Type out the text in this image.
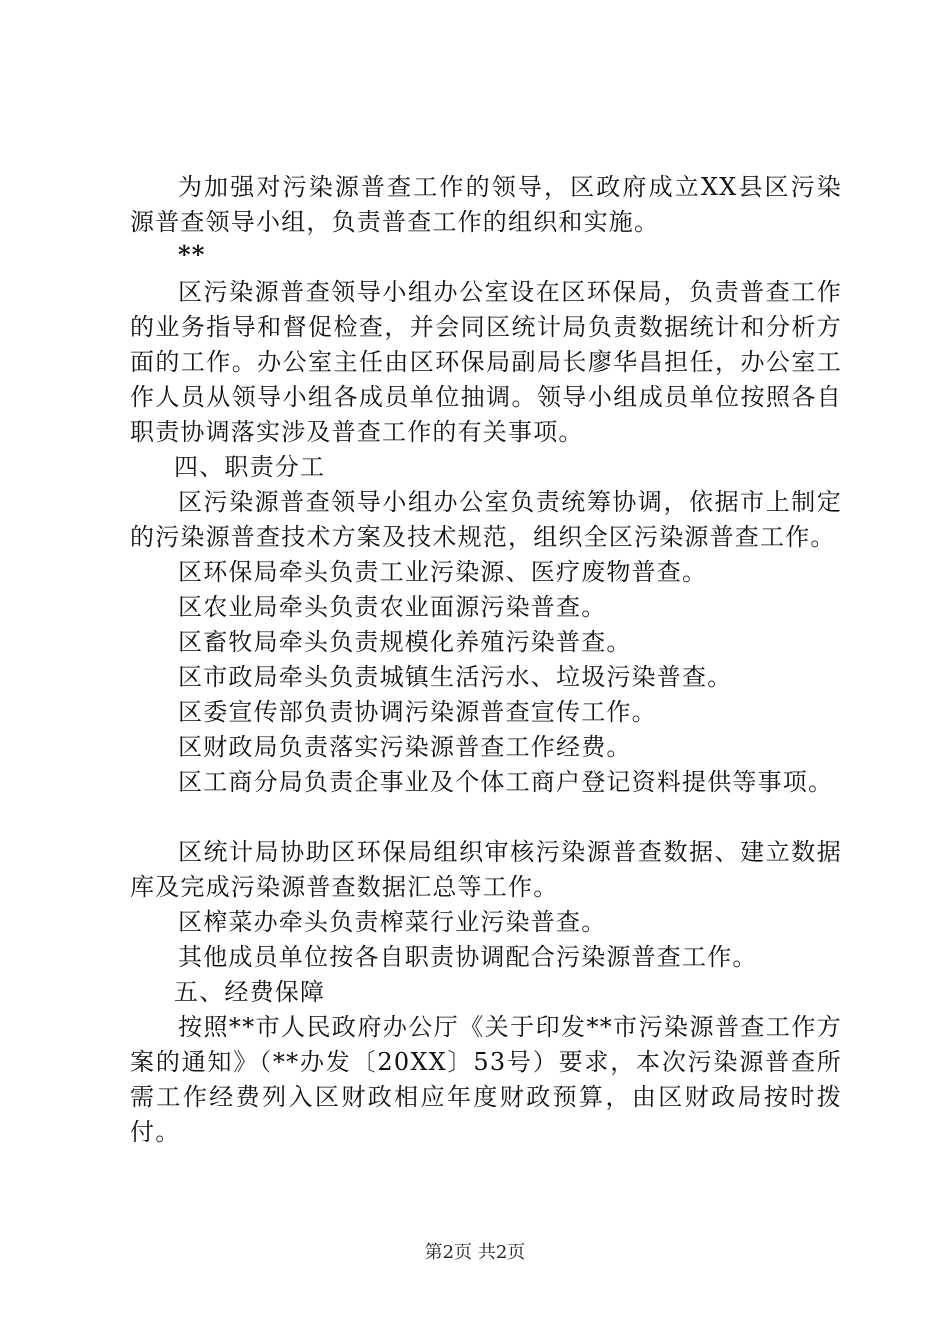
为加强对污染源普查工作的领导，区政府成立XX县区污染源普查领导小组，负责普查工作的组织和实施。

**

区污染源普查领导小组办公室设在区环保局，负责普查工作的业务指导和督促检查，并会同区统计局负责数据统计和分析方面的工作。办公室主任由区环保局副局长廖华昌担任，办公室工作人员从领导小组各成员单位抽调。领导小组成员单位按照各自职责协调落实涉及普查工作的有关事项。

四、职责分工

区污染源普查领导小组办公室负责统筹协调，依据市上制定的污染源普查技术方案及技术规范，组织全区污染源普查工作。

区环保局牵头负责工业污染源、医疗废物普查。

区农业局牵头负责农业面源污染普查。

区畜牧局牵头负责规模化养殖污染普查。

区市政局牵头负责城镇生活污水、垃圾污染普查。

区委宣传部负责协调污染源普查宣传工作。

区财政局负责落实污染源普查工作经费。

区工商分局负责企事业及个体工商户登记资料提供等事项。

区统计局协助区环保局组织审核污染源普查数据、建立数据库及完成污染源普查数据汇总等工作。

区榨菜办牵头负责榨菜行业污染普查。

其他成员单位按各自职责协调配合污染源普查工作。

五、经费保障

按照**市人民政府办公厅《关于印发**市污染源普查工作方案的通知》（**办发〔20XX〕53号）要求，本次污染源普查所需工作经费列入区财政相应年度财政预算，由区财政局按时拨付。

第2页 共2页
